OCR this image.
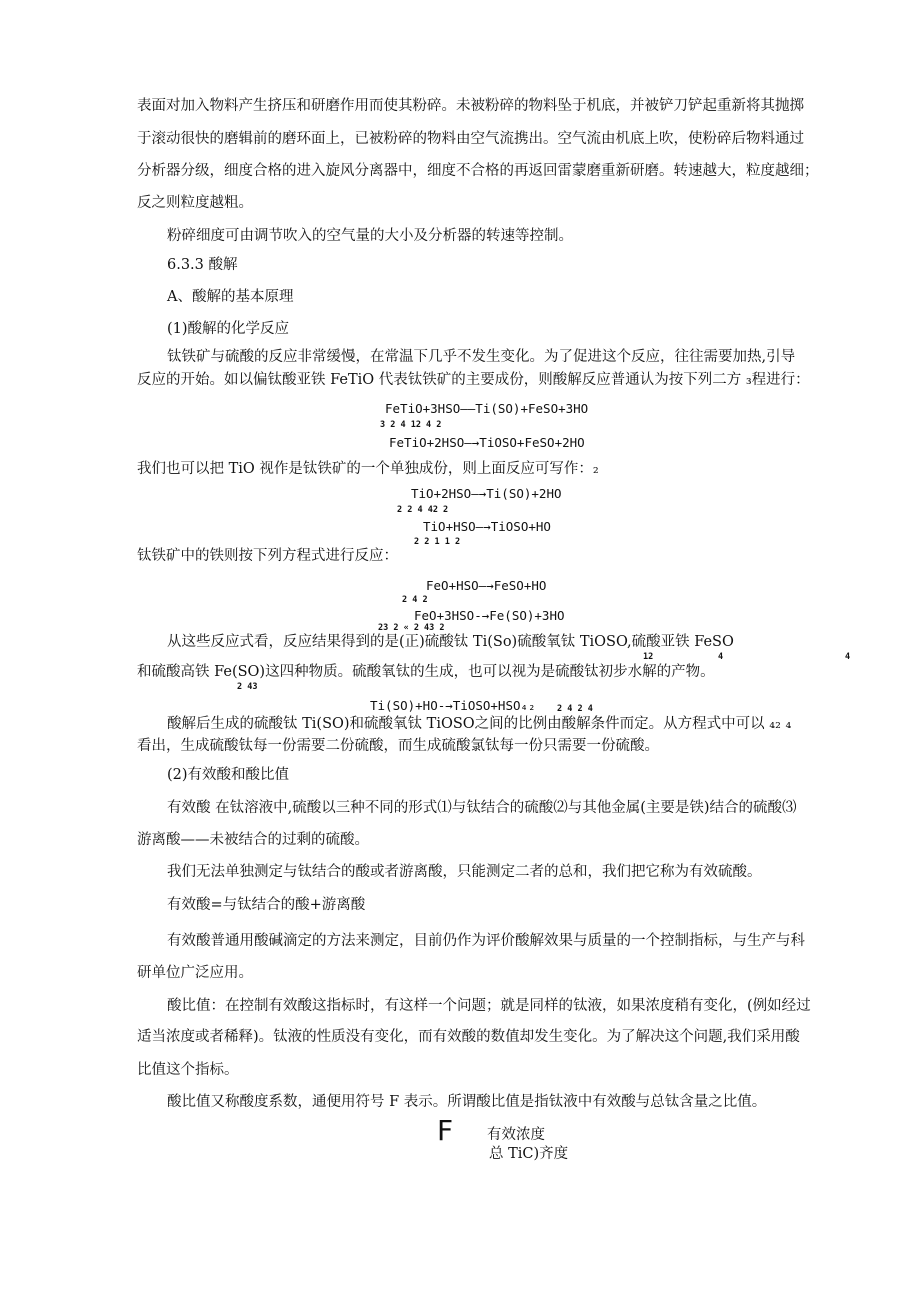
表面对加入物料产生挤压和研磨作用而使其粉碎。未被粉碎的物料坠于机底，并被铲刀铲起重新将其抛掷
于滚动很快的磨辑前的磨环面上，已被粉碎的物料由空气流携出。空气流由机底上吹，使粉碎后物料通过
分析器分级，细度合格的进入旋风分离器中，细度不合格的再返回雷蒙磨重新研磨。转速越大，粒度越细；
反之则粒度越粗。
粉碎细度可由调节吹入的空气量的大小及分析器的转速等控制。
6.3.3 酸解
A、酸解的基本原理
(1)酸解的化学反应
钛铁矿与硫酸的反应非常缓慢，在常温下几乎不发生变化。为了促进这个反应，往往需要加热,引导
反应的开始。如以偏钛酸亚铁 FeTiO 代表钛铁矿的主要成份，则酸解反应普通认为按下列二方 ₃程进行：
FeTiO+3HSO——Ti(SO)+FeSO+3HO
3 2 4 12 4 2
FeTiO+2HSO—→TiOSO+FeSO+2HO
我们也可以把 TiO 视作是钛铁矿的一个单独成份，则上面反应可写作：₂
TiO+2HSO—→Ti(SO)+2HO
2 2 4 42 2
TiO+HSO—→TiOSO+HO
2 2 1 1 2
钛铁矿中的铁则按下列方程式进行反应：
FeO+HSO—→FeSO+HO
2 4 2
FeO+3HSO-→Fe(SO)+3HO
23 2 « 2 43 2
从这些反应式看，反应结果得到的是(正)硫酸钛 Ti(So)硫酸氧钛 TiOSO,硫酸亚铁 FeSO
12	4	4
和硫酸高铁 Fe(SO)这四种物质。硫酸氧钛的生成，也可以视为是硫酸钛初步水解的产物。
2 43
Ti(SO)+HO-→TiOSO+HSO₄₂	2 4 2 4
酸解后生成的硫酸钛 Ti(SO)和硫酸氧钛 TiOSO之间的比例由酸解条件而定。从方程式中可以 ₄₂ ₄
看出，生成硫酸钛每一份需要二份硫酸，而生成硫酸氯钛每一份只需要一份硫酸。
(2)有效酸和酸比值
有效酸 在钛溶液中,硫酸以三种不同的形式⑴与钛结合的硫酸⑵与其他金属(主要是铁)结合的硫酸⑶
游离酸——未被结合的过剩的硫酸。
我们无法单独测定与钛结合的酸或者游离酸，只能测定二者的总和，我们把它称为有效硫酸。
有效酸=与钛结合的酸+游离酸
有效酸普通用酸碱滴定的方法来测定，目前仍作为评价酸解效果与质量的一个控制指标，与生产与科
研单位广泛应用。
酸比值：在控制有效酸这指标时，有这样一个问题；就是同样的钛液，如果浓度稍有变化，(例如经过
适当浓度或者稀释)。钛液的性质没有变化，而有效酸的数值却发生变化。为了解决这个问题,我们采用酸
比值这个指标。
酸比值又称酸度系数，通便用符号 F 表示。所谓酸比值是指钛液中有效酸与总钛含量之比值。
F 有效浓度
总 TiC)齐度
